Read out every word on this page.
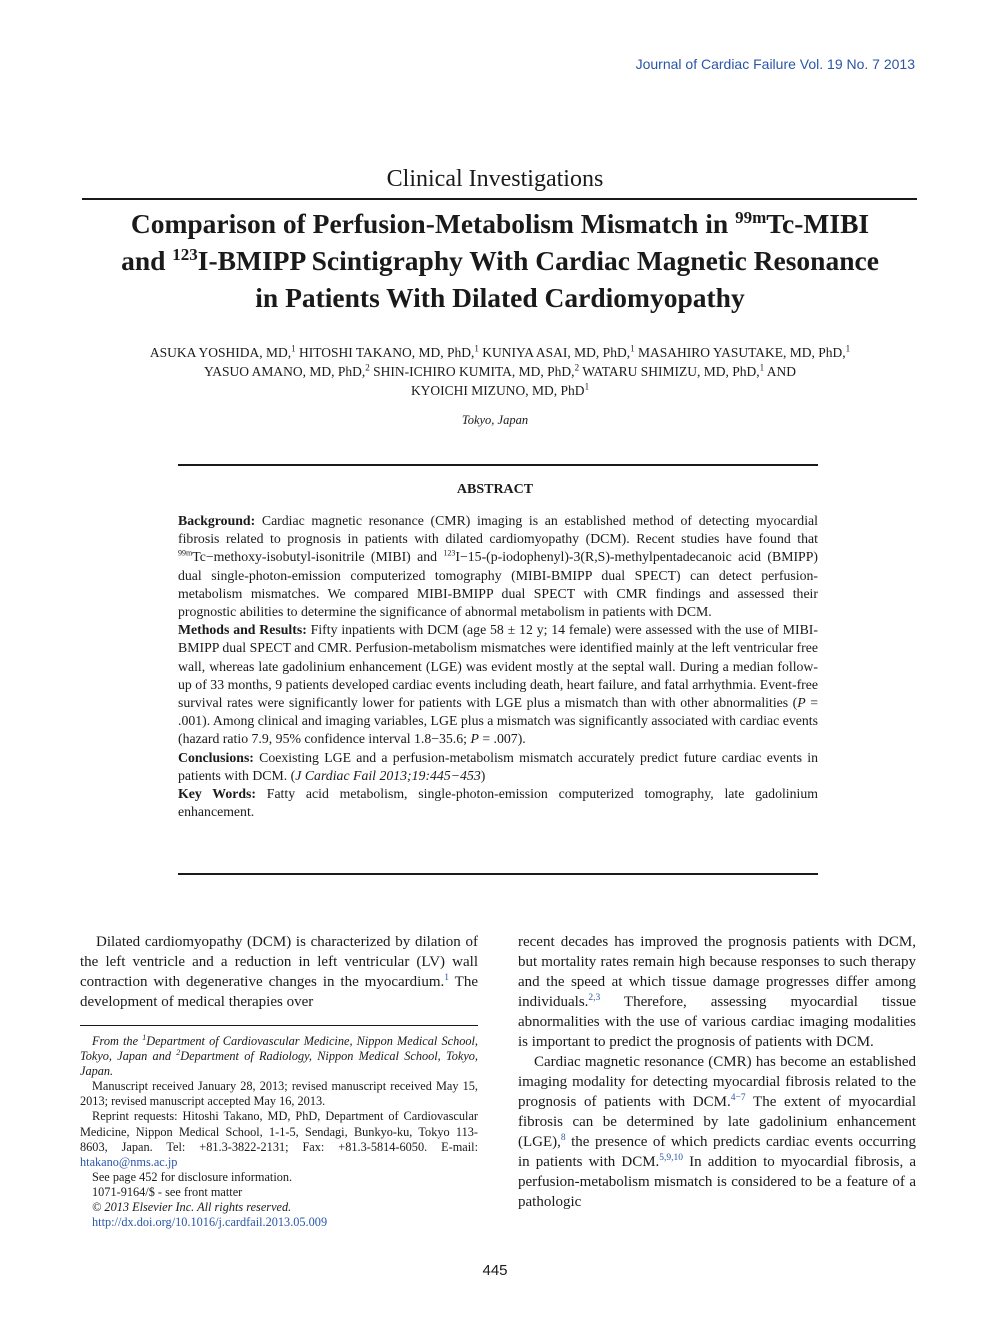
Journal of Cardiac Failure Vol. 19 No. 7 2013
Clinical Investigations
Comparison of Perfusion-Metabolism Mismatch in $^{99m}$Tc-MIBI
and $^{123}$I-BMIPP Scintigraphy With Cardiac Magnetic Resonance
in Patients With Dilated Cardiomyopathy
ASUKA YOSHIDA, MD,$^1$ HITOSHI TAKANO, MD, PhD,$^1$ KUNIYA ASAI, MD, PhD,$^1$ MASAHIRO YASUTAKE, MD, PhD,$^1$
YASUO AMANO, MD, PhD,$^2$ SHIN-ICHIRO KUMITA, MD, PhD,$^2$ WATARU SHIMIZU, MD, PhD,$^1$ AND
KYOICHI MIZUNO, MD, PhD$^1$
Tokyo, Japan
ABSTRACT

Background: Cardiac magnetic resonance (CMR) imaging is an established method of detecting myocardial fibrosis related to prognosis in patients with dilated cardiomyopathy (DCM). Recent studies have found that $^{99m}$Tc−methoxy-isobutyl-isonitrile (MIBI) and $^{123}$I−15-(p-iodophenyl)-3(R,S)-methylpentadecanoic acid (BMIPP) dual single-photon-emission computerized tomography (MIBI-BMIPP dual SPECT) can detect perfusion-metabolism mismatches. We compared MIBI-BMIPP dual SPECT with CMR findings and assessed their prognostic abilities to determine the significance of abnormal metabolism in patients with DCM.

Methods and Results: Fifty inpatients with DCM (age 58 ± 12 y; 14 female) were assessed with the use of MIBI-BMIPP dual SPECT and CMR. Perfusion-metabolism mismatches were identified mainly at the left ventricular free wall, whereas late gadolinium enhancement (LGE) was evident mostly at the septal wall. During a median follow-up of 33 months, 9 patients developed cardiac events including death, heart failure, and fatal arrhythmia. Event-free survival rates were significantly lower for patients with LGE plus a mismatch than with other abnormalities (P = .001). Among clinical and imaging variables, LGE plus a mismatch was significantly associated with cardiac events (hazard ratio 7.9, 95% confidence interval 1.8−35.6; P = .007).

Conclusions: Coexisting LGE and a perfusion-metabolism mismatch accurately predict future cardiac events in patients with DCM. (J Cardiac Fail 2013;19:445−453)

Key Words: Fatty acid metabolism, single-photon-emission computerized tomography, late gadolinium enhancement.

Dilated cardiomyopathy (DCM) is characterized by dilation of the left ventricle and a reduction in left ventricular (LV) wall contraction with degenerative changes in the myocardium.$^1$ The development of medical therapies over

From the $^1$Department of Cardiovascular Medicine, Nippon Medical School, Tokyo, Japan and $^2$Department of Radiology, Nippon Medical School, Tokyo, Japan.

Manuscript received January 28, 2013; revised manuscript received May 15, 2013; revised manuscript accepted May 16, 2013.

Reprint requests: Hitoshi Takano, MD, PhD, Department of Cardiovascular Medicine, Nippon Medical School, 1-1-5, Sendagi, Bunkyo-ku, Tokyo 113-8603, Japan. Tel: +81.3-3822-2131; Fax: +81.3-5814-6050. E-mail: htakano@nms.ac.jp

See page 452 for disclosure information.

1071-9164/$ - see front matter

© 2013 Elsevier Inc. All rights reserved.

http://dx.doi.org/10.1016/j.cardfail.2013.05.009

recent decades has improved the prognosis patients with DCM, but mortality rates remain high because responses to such therapy and the speed at which tissue damage progresses differ among individuals.$^{2,3}$ Therefore, assessing myocardial tissue abnormalities with the use of various cardiac imaging modalities is important to predict the prognosis of patients with DCM.

Cardiac magnetic resonance (CMR) has become an established imaging modality for detecting myocardial fibrosis related to the prognosis of patients with DCM.$^{4-7}$ The extent of myocardial fibrosis can be determined by late gadolinium enhancement (LGE),$^8$ the presence of which predicts cardiac events occurring in patients with DCM.$^{5,9,10}$ In addition to myocardial fibrosis, a perfusion-metabolism mismatch is considered to be a feature of a pathologic

445
